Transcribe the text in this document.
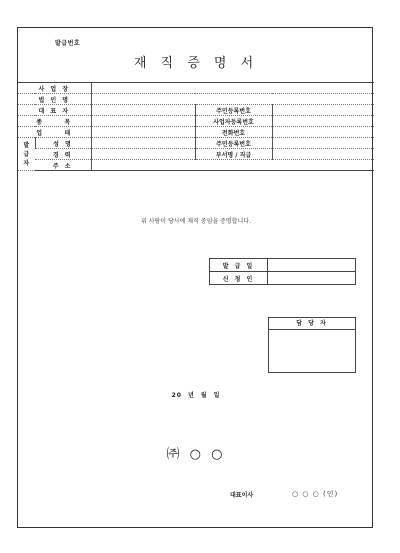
발급번호
재 직 증 명 서
사 업 장				
법 인 명				
대 표 자			주민등록번호	
종     목			사업자등록번호	
업     태			전화번호	

발
급
자	성 명		주민등록번호	
	경 력		부서명 / 직급	
	주 소			
위 사람이 당사에 재직 중임을 증명합니다.
발 급 일	
신 청 인	
담 당 자
20 년 월 일
㈜ ○ ○
대표이사	○ ○ ○ (인)
